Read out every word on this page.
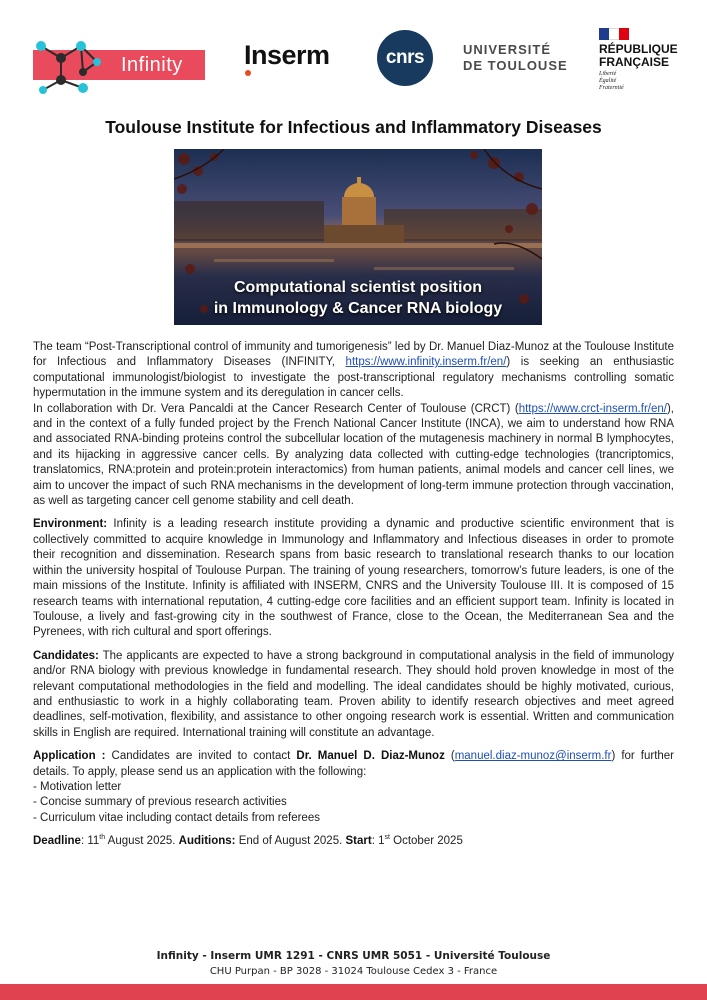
Infinity Inserm	cnrs	UNIVERSITÉ
DE TOULOUSE
RÉPUBLIQUE
FRANÇAISE
Liberté
Égalité
Fraternité
Toulouse Institute for Infectious and Inflammatory Diseases
Computational scientist position
in Immunology & Cancer RNA biology

The team “Post-Transcriptional control of immunity and tumorigenesis” led by Dr. Manuel Diaz-Munoz at the Toulouse Institute for Infectious and Inflammatory Diseases (INFINITY, https://www.infinity.inserm.fr/en/) is seeking an enthusiastic computational immunologist/biologist to investigate the post-transcriptional regulatory mechanisms controlling somatic hypermutation in the immune system and its deregulation in cancer cells.

In collaboration with Dr. Vera Pancaldi at the Cancer Research Center of Toulouse (CRCT) (https://www.crct-inserm.fr/en/), and in the context of a fully funded project by the French National Cancer Institute (INCA), we aim to understand how RNA and associated RNA-binding proteins control the subcellular location of the mutagenesis machinery in normal B lymphocytes, and its hijacking in aggressive cancer cells. By analyzing data collected with cutting-edge technologies (trancriptomics, translatomics, RNA:protein and protein:protein interactomics) from human patients, animal models and cancer cell lines, we aim to uncover the impact of such RNA mechanisms in the development of long-term immune protection through vaccination, as well as targeting cancer cell genome stability and cell death.

Environment: Infinity is a leading research institute providing a dynamic and productive scientific environment that is collectively committed to acquire knowledge in Immunology and Inflammatory and Infectious diseases in order to promote their recognition and dissemination. Research spans from basic research to translational research thanks to our location within the university hospital of Toulouse Purpan. The training of young researchers, tomorrow’s future leaders, is one of the main missions of the Institute. Infinity is affiliated with INSERM, CNRS and the University Toulouse III. It is composed of 15 research teams with international reputation, 4 cutting-edge core facilities and an efficient support team. Infinity is located in Toulouse, a lively and fast-growing city in the southwest of France, close to the Ocean, the Mediterranean Sea and the Pyrenees, with rich cultural and sport offerings.

Candidates: The applicants are expected to have a strong background in computational analysis in the field of immunology and/or RNA biology with previous knowledge in fundamental research. They should hold proven knowledge in most of the relevant computational methodologies in the field and modelling. The ideal candidates should be highly motivated, curious, and enthusiastic to work in a highly collaborating team. Proven ability to identify research objectives and meet agreed deadlines, self-motivation, flexibility, and assistance to other ongoing research work is essential. Written and communication skills in English are required. International training will constitute an advantage.

Application : Candidates are invited to contact Dr. Manuel D. Diaz-Munoz (manuel.diaz-munoz@inserm.fr) for further details. To apply, please send us an application with the following:

- Motivation letter
- Concise summary of previous research activities
- Curriculum vitae including contact details from referees

Deadline: 11th August 2025. Auditions: End of August 2025. Start: 1st October 2025

Infinity - Inserm UMR 1291 - CNRS UMR 5051 - Université Toulouse
CHU Purpan - BP 3028 - 31024 Toulouse Cedex 3 - France
